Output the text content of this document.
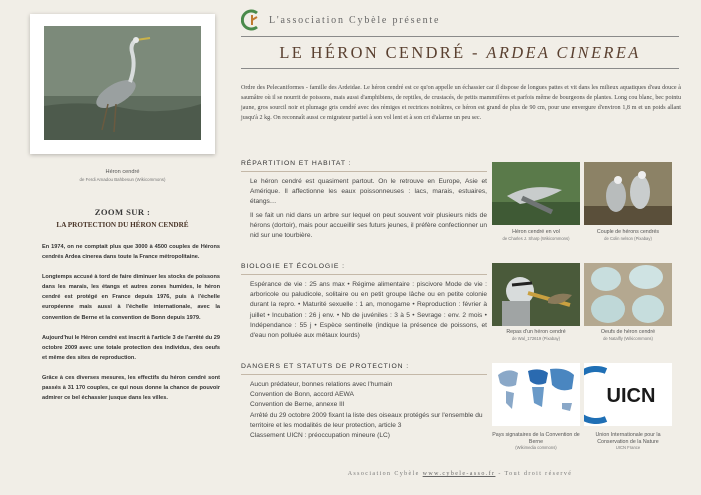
Héron cendré
de Ferdi Amadou Bahbesun (Wikicommons)
ZOOM SUR :
LA PROTECTION DU HÉRON CENDRÉ

En 1974, on ne comptait plus que 3000 à 4500 couples de Hérons cendrés Ardea cinerea dans toute la France métropolitaine.

Longtemps accusé à tord de faire diminuer les stocks de poissons dans les marais, les étangs et autres zones humides, le héron cendré est protégé en France depuis 1976, puis à l'échelle européenne mais aussi à l'échelle internationale, avec la convention de Berne et la convention de Bonn depuis 1979.

Aujourd'hui le Héron cendré est inscrit à l'article 3 de l'arrêté du 29 octobre 2009 avec une totale protection des individus, des oeufs et même des sites de reproduction.

Grâce à ces diverses mesures, les effectifs du héron cendré sont passés à 31 170 couples, ce qui nous donne la chance de pouvoir admirer ce bel échassier jusque dans les villes.

L'association Cybèle présente
LE HÉRON CENDRÉ - ARDEA CINEREA
Ordre des Pelecaniformes - famille des Ardeidae. Le héron cendré est ce qu'on appelle un échassier car il dispose de longues pattes et vit dans les milieux aquatiques d'eau douce à saumâtre où il se nourrit de poissons, mais aussi d'amphibiens, de reptiles, de crustacés, de petits mammifères et parfois même de bourgeons de plantes. Long cou blanc, bec pointu jaune, gros sourcil noir et plumage gris cendré avec des rémiges et rectrices noirâtres, ce héron est grand de plus de 90 cm, pour une envergure d'environ 1,8 m et un poids allant jusqu'à 2 kg. On reconnaît aussi ce migrateur partiel à son vol lent et à son cri d'alarme un peu sec.
RÉPARTITION ET HABITAT :

Le héron cendré est quasiment partout. On le retrouve en Europe, Asie et Amérique. Il affectionne les eaux poissonneuses : lacs, marais, estuaires, étangs…

Il se fait un nid dans un arbre sur lequel on peut souvent voir plusieurs nids de hérons (dortoir), mais pour accueillir ses futurs jeunes, il préfère confectionner un nid sur une tourbière.

BIOLOGIE ET ÉCOLOGIE :

Espérance de vie : 25 ans max • Régime alimentaire : piscivore Mode de vie : arboricole ou paludicole, solitaire ou en petit groupe lâche ou en petite colonie durant la repro. • Maturité sexuelle : 1 an, monogame • Reproduction : février à juillet • Incubation : 26 j env. • Nb de juvéniles : 3 à 5 • Sevrage : env. 2 mois • Indépendance : 55 j • Espèce sentinelle (indique la présence de poissons, et d'eau non polluée aux métaux lourds)

DANGERS ET STATUTS DE PROTECTION :

Aucun prédateur, bonnes relations avec l'humain

Convention de Bonn, accord AEWA

Convention de Berne, annexe III

Arrêté du 29 octobre 2009 fixant la liste des oiseaux protégés sur l'ensemble du territoire et les modalités de leur protection, article 3

Classement UICN : préoccupation mineure (LC)

Héron cendré en vol
de Charles J. Sharp (Wikicommons)
Couple de hérons cendrés
de Colin nelson (Pixabay)
Repas d'un héron cendré
de Wal_172619 (Pixabay)
Oeufs de héron cendré
de Natalfly (Wikicommons)
Pays signataires de la Convention de Berne
(Wikimedia commons)
UICN
Union Internationale pour la Conservation de la Nature
UICN France
Association Cybèle www.cybele-asso.fr - Tout droit réservé
